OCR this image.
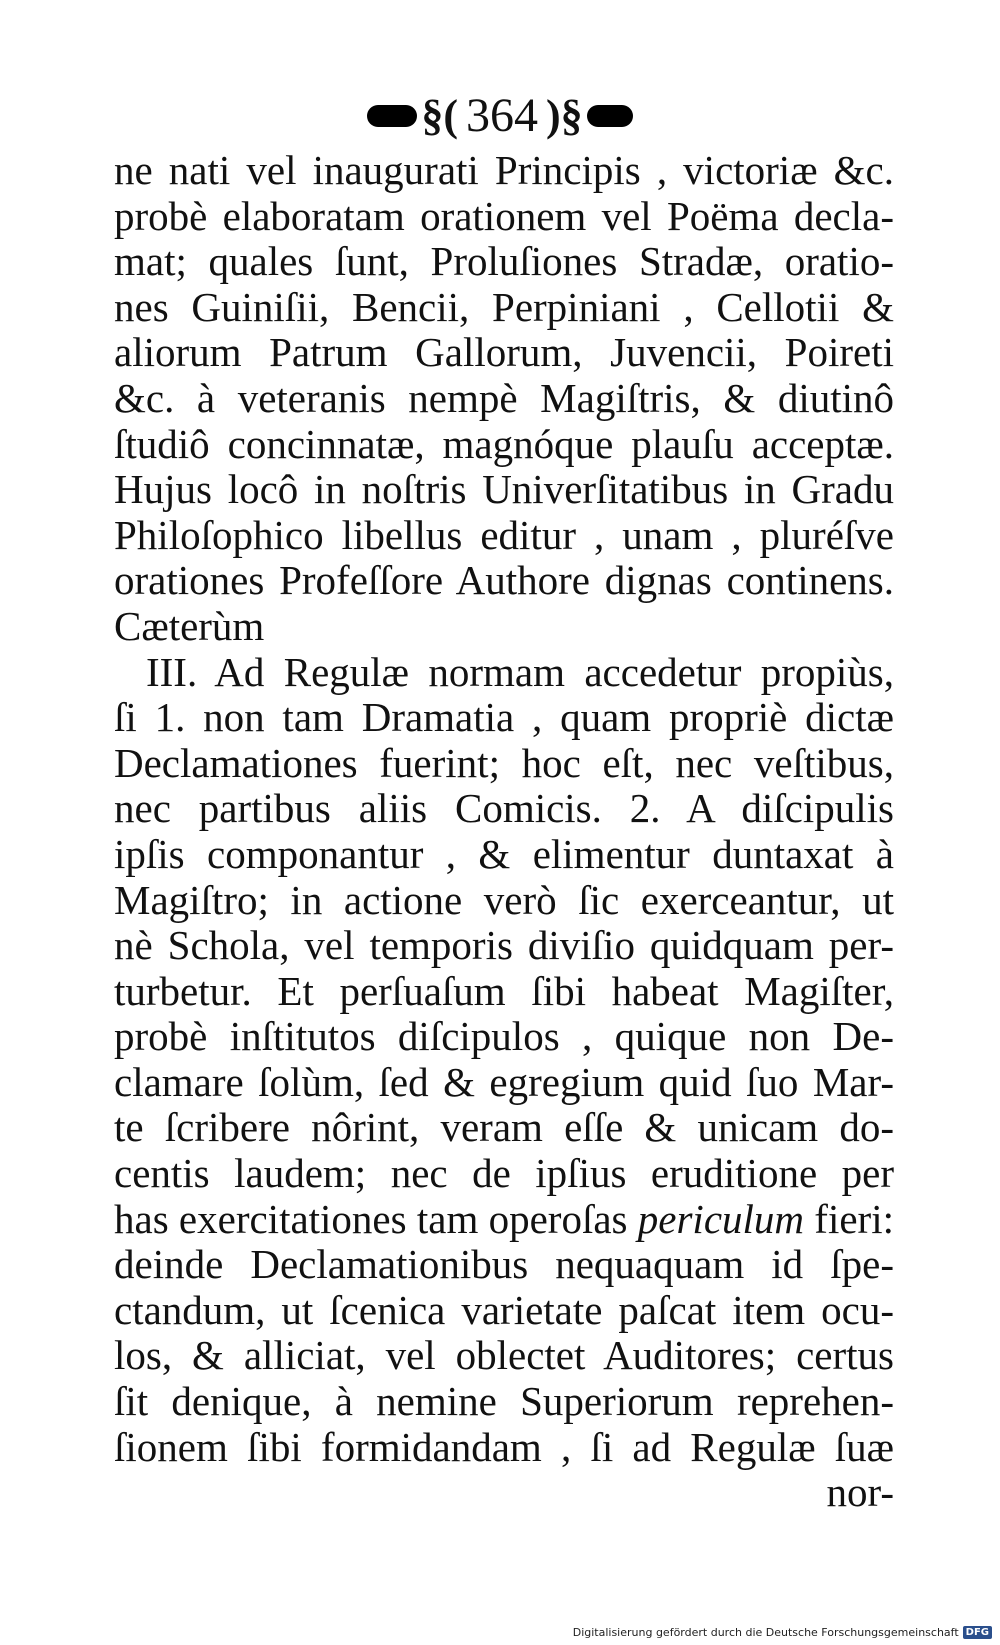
§( 364 )§
ne nati vel inaugurati Principis , victoriæ &c.
probè elaboratam orationem vel Poëma decla-
mat; quales ſunt, Proluſiones Stradæ, oratio-
nes Guiniſii, Bencii, Perpiniani , Cellotii &
aliorum Patrum Gallorum, Juvencii, Poireti
&c. à veteranis nempè Magiſtris, & diutinô
ſtudiô concinnatæ, magnóque plauſu acceptæ.
Hujus locô in noſtris Univerſitatibus in Gradu
Philoſophico libellus editur , unam , pluréſve
orationes Profeſſore Authore dignas continens.
Cæterùm
III. Ad Regulæ normam accedetur propiùs,
ſi 1. non tam Dramatia , quam propriè dictæ
Declamationes fuerint; hoc eſt, nec veſtibus,
nec partibus aliis Comicis. 2. A diſcipulis
ipſis componantur , & elimentur duntaxat à
Magiſtro; in actione verò ſic exerceantur, ut
nè Schola, vel temporis diviſio quidquam per-
turbetur. Et perſuaſum ſibi habeat Magiſter,
probè inſtitutos diſcipulos , quique non De-
clamare ſolùm, ſed & egregium quid ſuo Mar-
te ſcribere nôrint, veram eſſe & unicam do-
centis laudem; nec de ipſius eruditione per
has exercitationes tam operoſas periculum fieri:
deinde Declamationibus nequaquam id ſpe-
ctandum, ut ſcenica varietate paſcat item ocu-
los, & alliciat, vel oblectet Auditores; certus
ſit denique, à nemine Superiorum reprehen-
ſionem ſibi formidandam , ſi ad Regulæ ſuæ
nor-
Digitalisierung gefördert durch die Deutsche Forschungsgemeinschaft DFG
